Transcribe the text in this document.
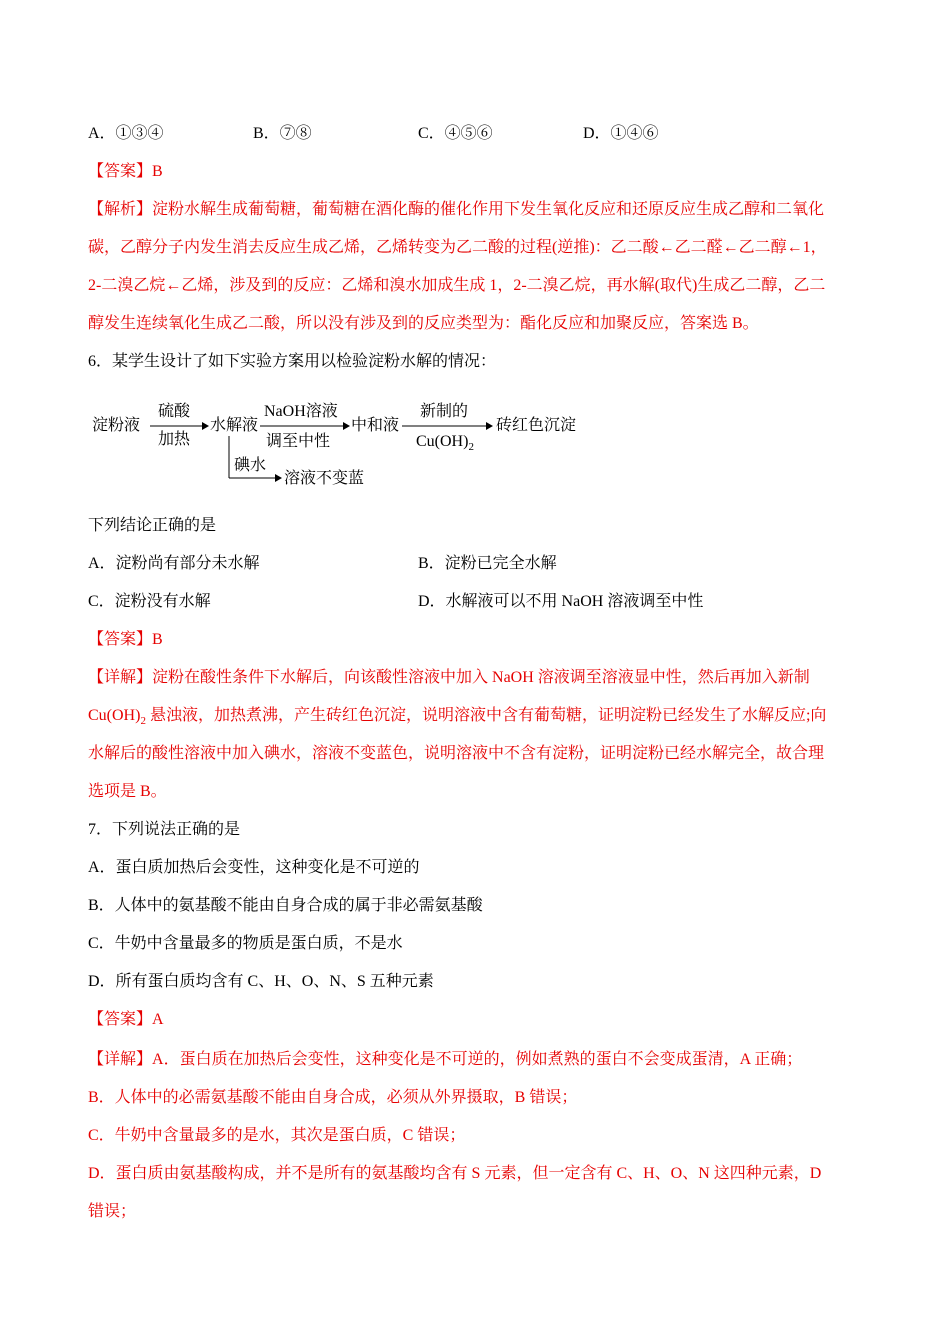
A．①③④	B．⑦⑧	C．④⑤⑥	D．①④⑥
【答案】B
【解析】淀粉水解生成葡萄糖，葡萄糖在酒化酶的催化作用下发生氧化反应和还原反应生成乙醇和二氧化
碳，乙醇分子内发生消去反应生成乙烯，乙烯转变为乙二酸的过程(逆推)：乙二酸←乙二醛←乙二醇←1，
2-二溴乙烷←乙烯，涉及到的反应：乙烯和溴水加成生成 1，2-二溴乙烷，再水解(取代)生成乙二醇，乙二
醇发生连续氧化生成乙二酸，所以没有涉及到的反应类型为：酯化反应和加聚反应，答案选 B。
6．某学生设计了如下实验方案用以检验淀粉水解的情况：
淀粉液
硫酸
加热
水解液
NaOH溶液
调至中性
中和液
新制的
$Cu(OH)_2$
砖红色沉淀
碘水
溶液不变蓝
下列结论正确的是
A．淀粉尚有部分未水解	B．淀粉已完全水解
C．淀粉没有水解	D．水解液可以不用 NaOH 溶液调至中性
【答案】B
【详解】淀粉在酸性条件下水解后，向该酸性溶液中加入 NaOH 溶液调至溶液显中性，然后再加入新制
$Cu(OH)_2$ 悬浊液，加热煮沸，产生砖红色沉淀，说明溶液中含有葡萄糖，证明淀粉已经发生了水解反应;向
水解后的酸性溶液中加入碘水，溶液不变蓝色，说明溶液中不含有淀粉，证明淀粉已经水解完全，故合理
选项是 B。
7．下列说法正确的是
A．蛋白质加热后会变性，这种变化是不可逆的
B．人体中的氨基酸不能由自身合成的属于非必需氨基酸
C．牛奶中含量最多的物质是蛋白质，不是水
D．所有蛋白质均含有 C、H、O、N、S 五种元素
【答案】A
【详解】A．蛋白质在加热后会变性，这种变化是不可逆的，例如煮熟的蛋白不会变成蛋清，A 正确；
B．人体中的必需氨基酸不能由自身合成，必须从外界摄取，B 错误；
C．牛奶中含量最多的是水，其次是蛋白质，C 错误；
D．蛋白质由氨基酸构成，并不是所有的氨基酸均含有 S 元素，但一定含有 C、H、O、N 这四种元素，D
错误；
